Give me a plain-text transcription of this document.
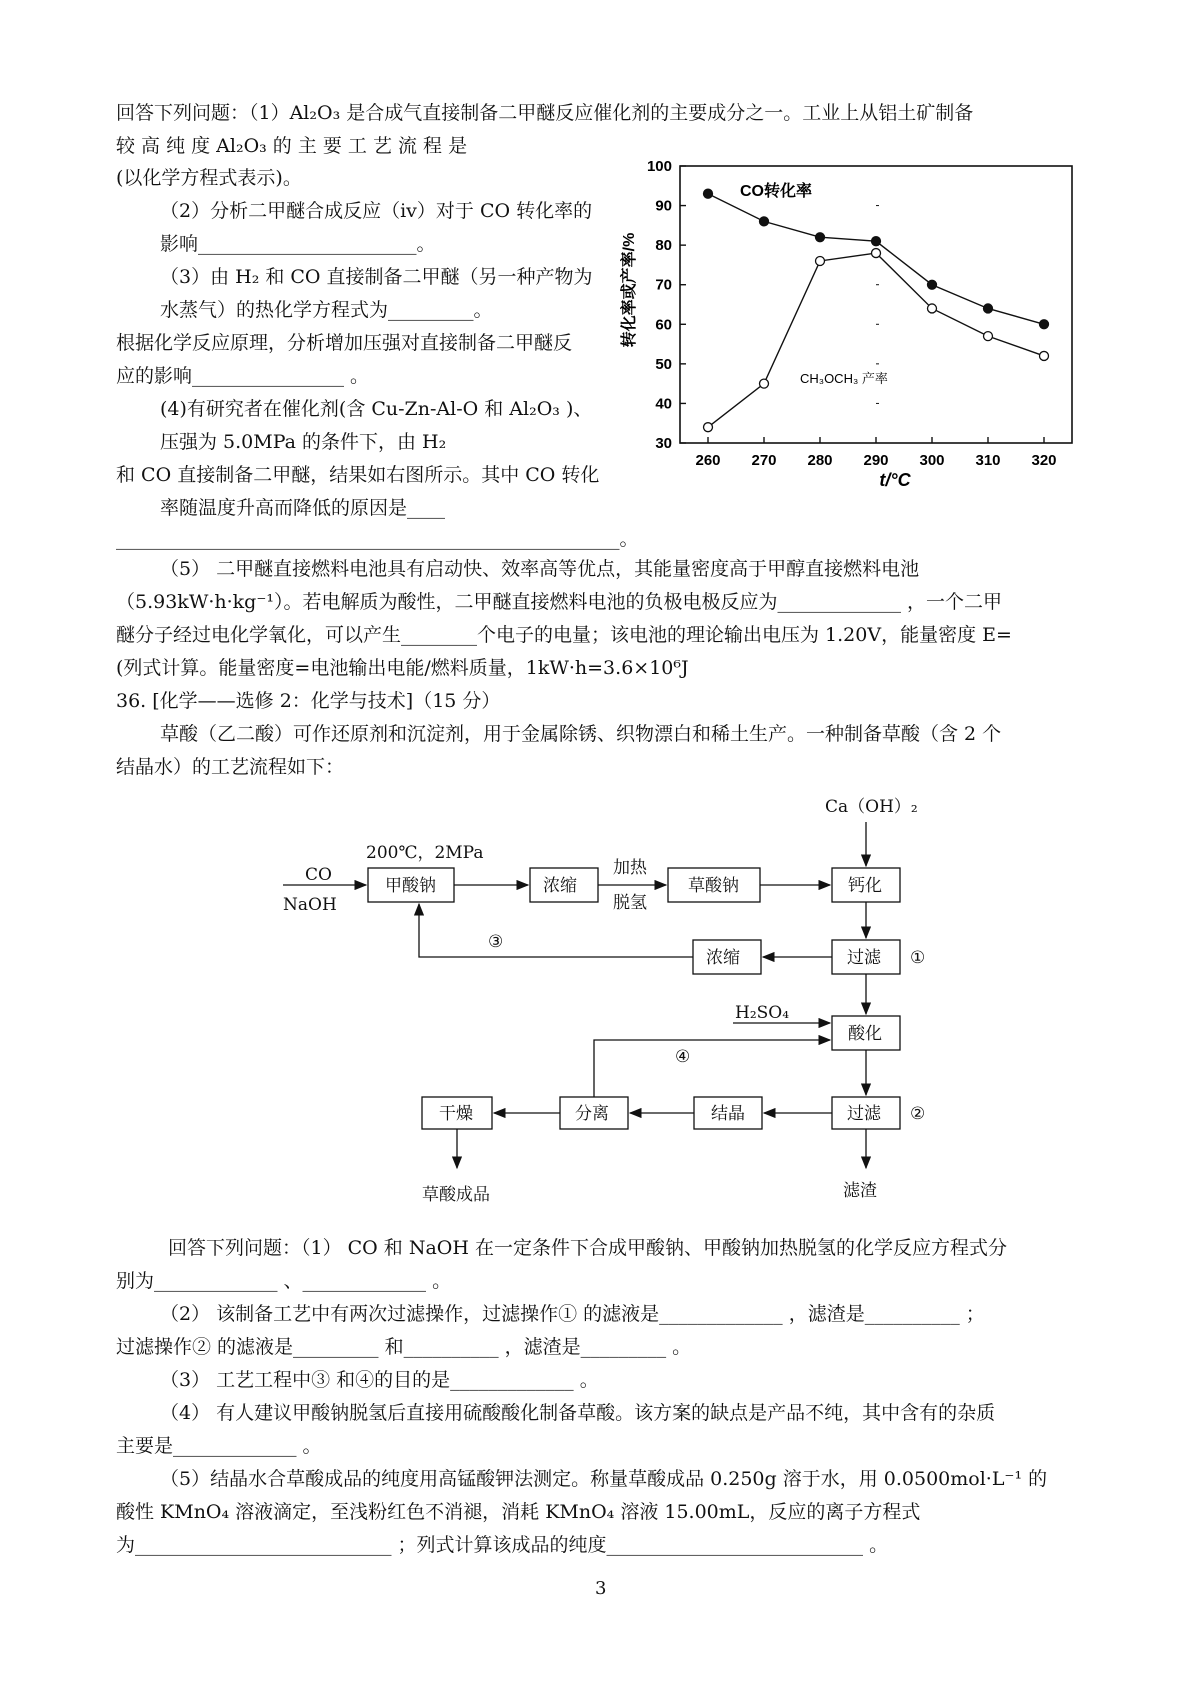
回答下列问题：（1）Al₂O₃ 是合成气直接制备二甲醚反应催化剂的主要成分之一。工业上从铝土矿制备
较 高 纯 度 Al₂O₃ 的 主 要 工 艺 流 程 是
(以化学方程式表示)。
（2）分析二甲醚合成反应（iv）对于 CO 转化率的
影响_______________________。
（3）由 H₂ 和 CO 直接制备二甲醚（另一种产物为
水蒸气）的热化学方程式为_________。
根据化学反应原理，分析增加压强对直接制备二甲醚反
应的影响________________ 。
(4)有研究者在催化剂(含 Cu-Zn-Al-O 和 Al₂O₃ )、
压强为 5.0MPa 的条件下，由 H₂
和 CO 直接制备二甲醚，结果如右图所示。其中 CO 转化
率随温度升高而降低的原因是____
_____________________________________________________。
（5） 二甲醚直接燃料电池具有启动快、效率高等优点，其能量密度高于甲醇直接燃料电池
（5.93kW·h·kg⁻¹）。若电解质为酸性，二甲醚直接燃料电池的负极电极反应为_____________ ，一个二甲
醚分子经过电化学氧化，可以产生________个电子的电量；该电池的理论输出电压为 1.20V，能量密度 E=
(列式计算。能量密度=电池输出电能/燃料质量，1kW·h=3.6×10⁶J
36. [化学——选修 2：化学与技术]（15 分）
草酸（乙二酸）可作还原剂和沉淀剂，用于金属除锈、织物漂白和稀土生产。一种制备草酸（含 2 个
结晶水）的工艺流程如下：
回答下列问题：（1） CO 和 NaOH 在一定条件下合成甲酸钠、甲酸钠加热脱氢的化学反应方程式分
别为_____________ 、_____________ 。
（2） 该制备工艺中有两次过滤操作，过滤操作① 的滤液是_____________ ，滤渣是__________ ；
过滤操作② 的滤液是_________ 和__________ ，滤渣是_________ 。
（3） 工艺工程中③ 和④的目的是_____________ 。
（4） 有人建议甲酸钠脱氢后直接用硫酸酸化制备草酸。该方案的缺点是产品不纯，其中含有的杂质
主要是_____________ 。
（5）结晶水合草酸成品的纯度用高锰酸钾法测定。称量草酸成品 0.250g 溶于水，用 0.0500mol·L⁻¹ 的
酸性 KMnO₄ 溶液滴定，至浅粉红色不消褪，消耗 KMnO₄ 溶液 15.00mL，反应的离子方程式
为___________________________ ；列式计算该成品的纯度___________________________ 。
3
30
40
50
60
70
80
90
100
260 270 280 290 300 310 320
转化率或产率/%
t/°C
CO转化率
CH₃OCH₃ 产率
CO
NaOH
200℃，2MPa
甲酸钠	浓缩
加热
脱氢
草酸钠
Ca（OH）₂
钙化
③
浓缩	过滤 ①
H₂SO₄
酸化
④
干燥	分离	结晶	过滤 ②
草酸成品	滤渣
